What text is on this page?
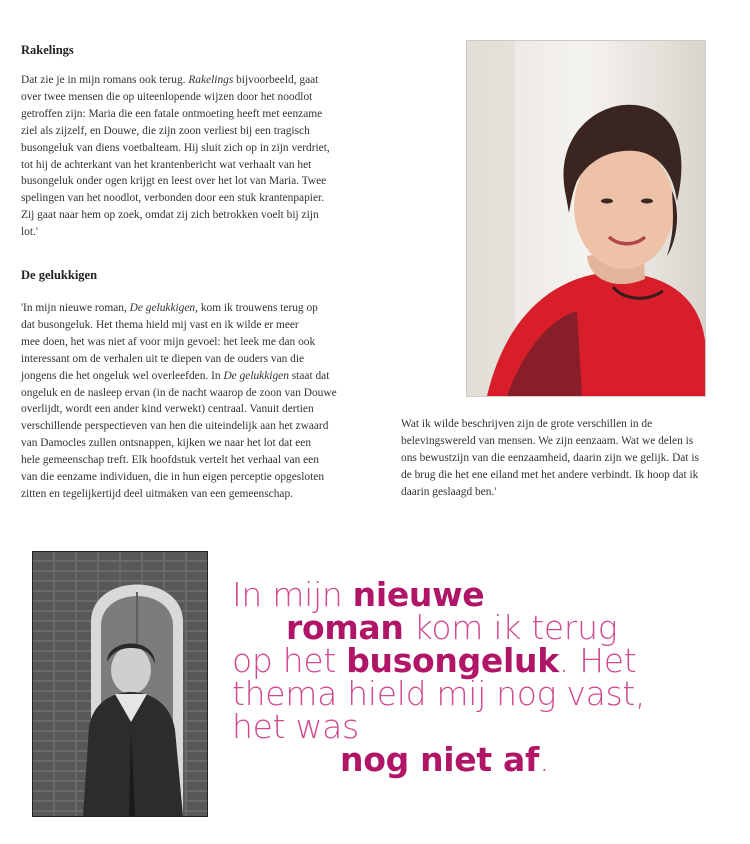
Rakelings
Dat zie je in mijn romans ook terug. Rakelings bijvoorbeeld, gaat
over twee mensen die op uiteenlopende wijzen door het noodlot
getroffen zijn: Maria die een fatale ontmoeting heeft met eenzame
ziel als zijzelf, en Douwe, die zijn zoon verliest bij een tragisch
busongeluk van diens voetbalteam. Hij sluit zich op in zijn verdriet,
tot hij de achterkant van het krantenbericht wat verhaalt van het
busongeluk onder ogen krijgt en leest over het lot van Maria. Twee
spelingen van het noodlot, verbonden door een stuk krantenpapier.
Zij gaat naar hem op zoek, omdat zij zich betrokken voelt bij zijn
lot.'
De gelukkigen
'In mijn nieuwe roman, De gelukkigen, kom ik trouwens terug op
dat busongeluk. Het thema hield mij vast en ik wilde er meer
mee doen, het was niet af voor mijn gevoel: het leek me dan ook
interessant om de verhalen uit te diepen van de ouders van die
jongens die het ongeluk wel overleefden. In De gelukkigen staat dat
ongeluk en de nasleep ervan (in de nacht waarop de zoon van Douwe
overlijdt, wordt een ander kind verwekt) centraal. Vanuit dertien
verschillende perspectieven van hen die uiteindelijk aan het zwaard
van Damocles zullen ontsnappen, kijken we naar het lot dat een
hele gemeenschap treft. Elk hoofdstuk vertelt het verhaal van een
van die eenzame individuen, die in hun eigen perceptie opgesloten
zitten en tegelijkertijd deel uitmaken van een gemeenschap.
Wat ik wilde beschrijven zijn de grote verschillen in de
belevingswereld van mensen. We zijn eenzaam. Wat we delen is
ons bewustzijn van die eenzaamheid, daarin zijn we gelijk. Dat is
de brug die het ene eiland met het andere verbindt. Ik hoop dat ik
daarin geslaagd ben.'
In mijn nieuwe
roman kom ik terug
op het busongeluk. Het
thema hield mij nog vast,
het was
nog niet af.
